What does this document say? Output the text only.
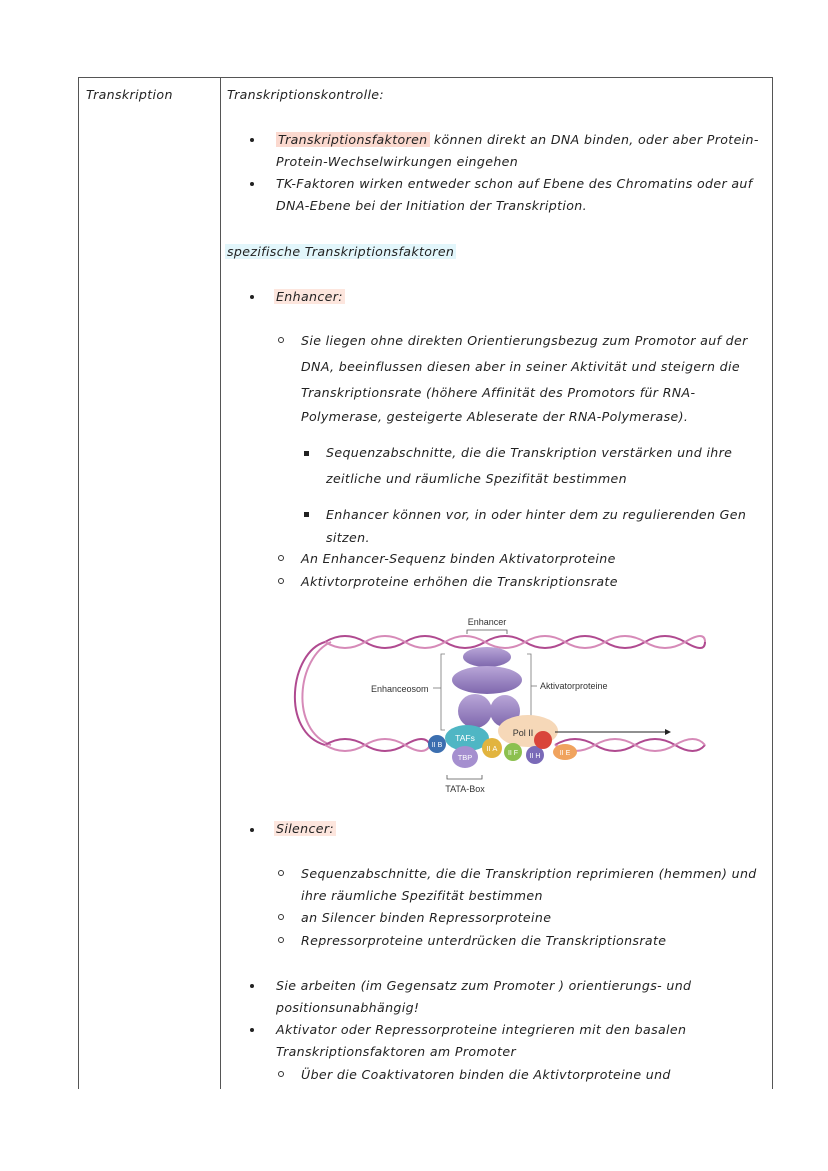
Transkription	Transkriptionskontrolle:
Transkriptionsfaktoren können direkt an DNA binden, oder aber Protein-
Protein-Wechselwirkungen eingehen
TK-Faktoren wirken entweder schon auf Ebene des Chromatins oder auf
DNA-Ebene bei der Initiation der Transkription.
spezifische Transkriptionsfaktoren
Enhancer:
Sie liegen ohne direkten Orientierungsbezug zum Promotor auf der
DNA, beeinflussen diesen aber in seiner Aktivität und steigern die
Transkriptionsrate (höhere Affinität des Promotors für RNA-
Polymerase, gesteigerte Ableserate der RNA-Polymerase).
Sequenzabschnitte, die die Transkription verstärken und ihre
zeitliche und räumliche Spezifität bestimmen
Enhancer können vor, in oder hinter dem zu regulierenden Gen
sitzen.
An Enhancer-Sequenz binden Aktivatorproteine
Aktivtorproteine erhöhen die Transkriptionsrate
Enhancer
Enhanceosom	Aktivatorproteine
Pol II
TAFs
II B
TBP
II A
II F II H	II E
TATA-Box
Silencer:
Sequenzabschnitte, die die Transkription reprimieren (hemmen) und
ihre räumliche Spezifität bestimmen
an Silencer binden Repressorproteine
Repressorproteine unterdrücken die Transkriptionsrate
Sie arbeiten (im Gegensatz zum Promoter ) orientierungs- und
positionsunabhängig!
Aktivator oder Repressorproteine integrieren mit den basalen
Transkriptionsfaktoren am Promoter
Über die Coaktivatoren binden die Aktivtorproteine und
